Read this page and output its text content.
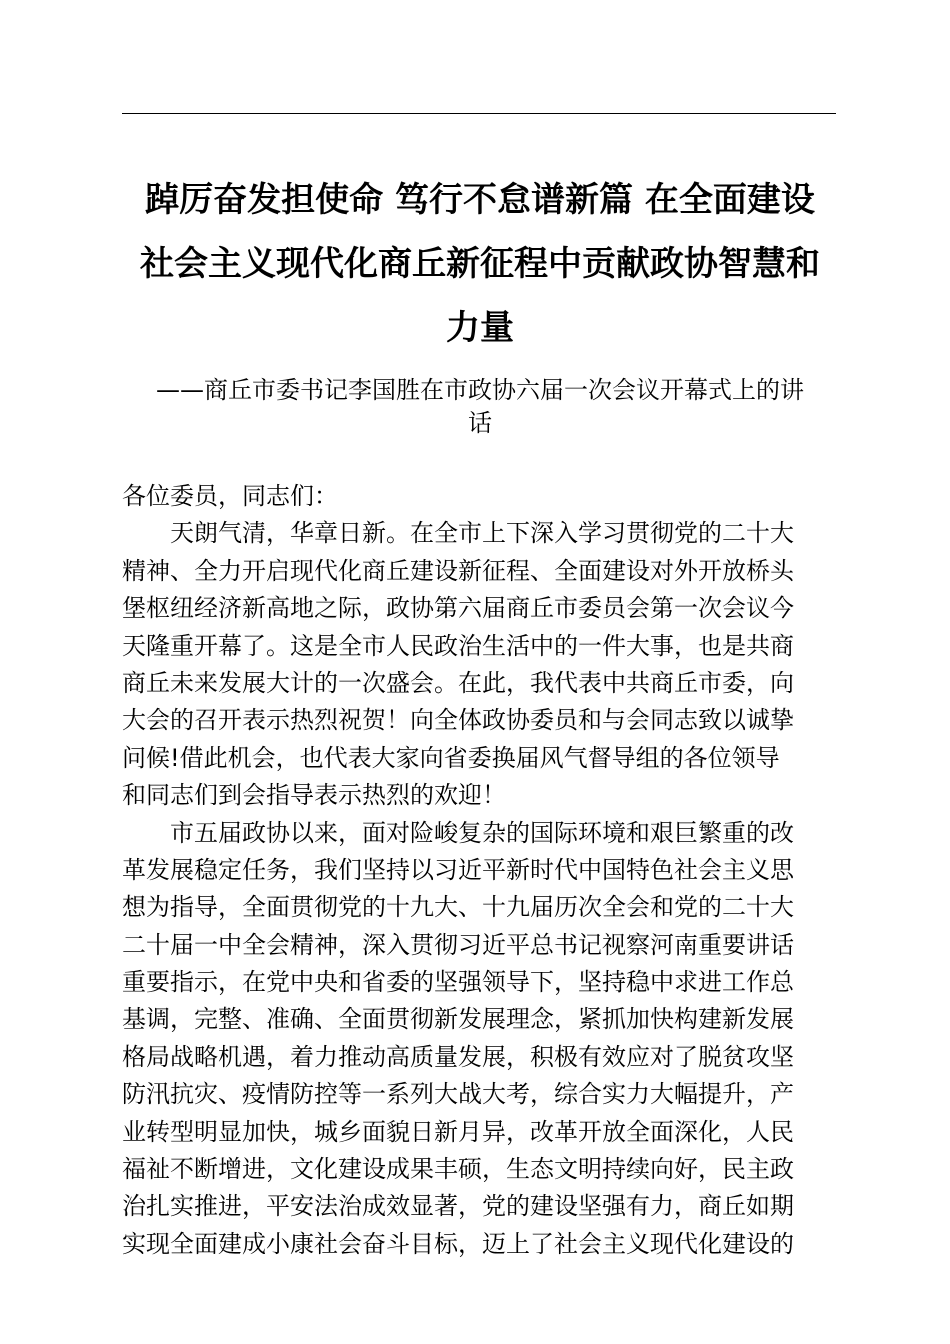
踔厉奋发担使命 笃行不怠谱新篇 在全面建设
社会主义现代化商丘新征程中贡献政协智慧和
力量
——商丘市委书记李国胜在市政协六届一次会议开幕式上的讲
话
各位委员，同志们：
天朗气清，华章日新。在全市上下深入学习贯彻党的二十大
精神、全力开启现代化商丘建设新征程、全面建设对外开放桥头
堡枢纽经济新高地之际，政协第六届商丘市委员会第一次会议今
天隆重开幕了。这是全市人民政治生活中的一件大事，也是共商
商丘未来发展大计的一次盛会。在此，我代表中共商丘市委，向
大会的召开表示热烈祝贺！向全体政协委员和与会同志致以诚挚
问候!借此机会，也代表大家向省委换届风气督导组的各位领导
和同志们到会指导表示热烈的欢迎！
市五届政协以来，面对险峻复杂的国际环境和艰巨繁重的改
革发展稳定任务，我们坚持以习近平新时代中国特色社会主义思
想为指导，全面贯彻党的十九大、十九届历次全会和党的二十大
二十届一中全会精神，深入贯彻习近平总书记视察河南重要讲话
重要指示，在党中央和省委的坚强领导下，坚持稳中求进工作总
基调，完整、准确、全面贯彻新发展理念，紧抓加快构建新发展
格局战略机遇，着力推动高质量发展，积极有效应对了脱贫攻坚
防汛抗灾、疫情防控等一系列大战大考，综合实力大幅提升，产
业转型明显加快，城乡面貌日新月异，改革开放全面深化，人民
福祉不断增进，文化建设成果丰硕，生态文明持续向好，民主政
治扎实推进，平安法治成效显著，党的建设坚强有力，商丘如期
实现全面建成小康社会奋斗目标，迈上了社会主义现代化建设的
